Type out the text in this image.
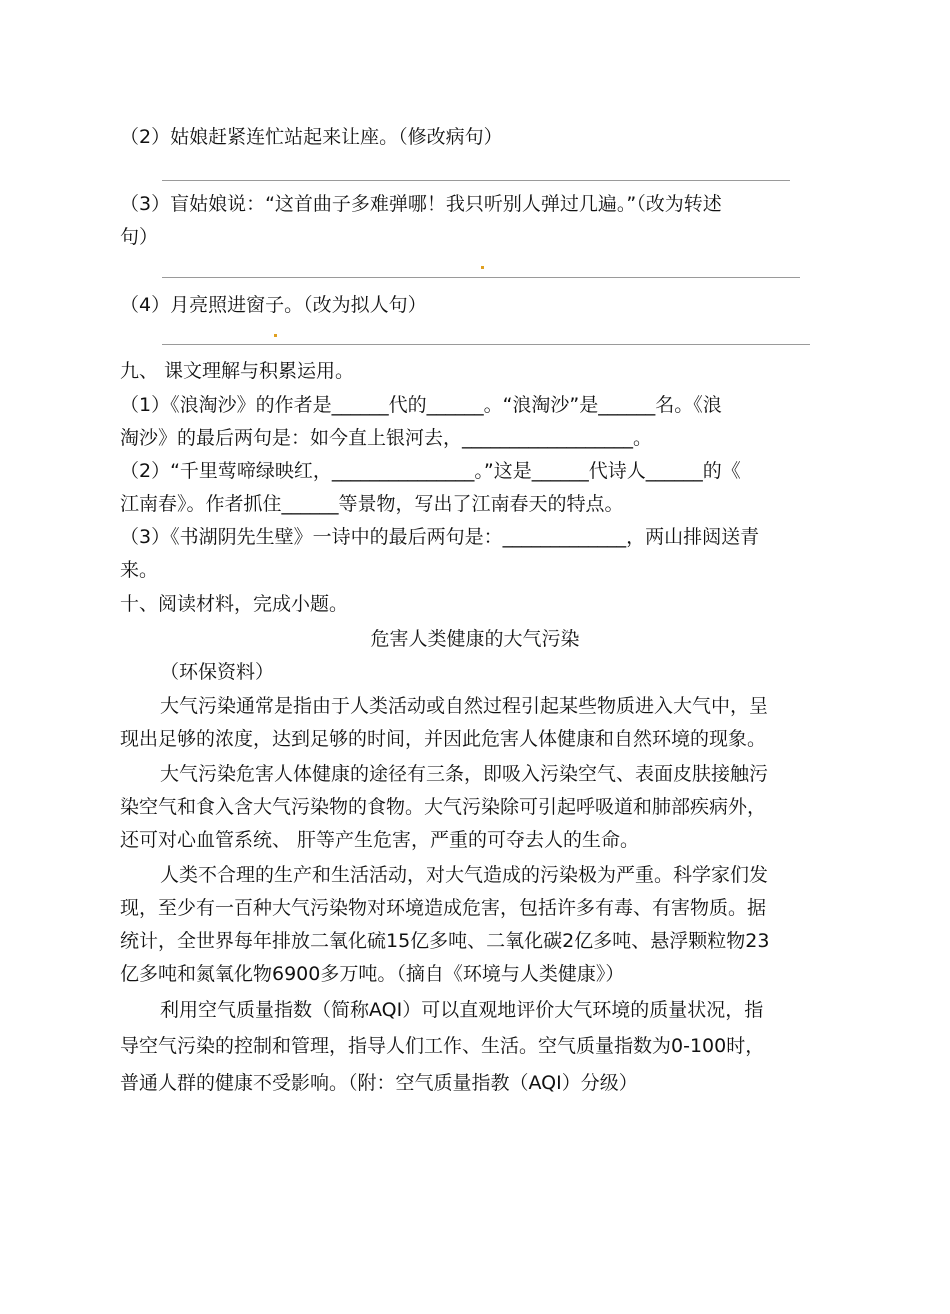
（2）姑娘赶紧连忙站起来让座。（修改病句）
（3）盲姑娘说：“这首曲子多难弹哪！我只听别人弹过几遍。”（改为转述
句）
（4）月亮照进窗子。（改为拟人句）
九、 课文理解与积累运用。
（1）《浪淘沙》的作者是______代的______。“浪淘沙”是______名。《浪
淘沙》的最后两句是：如今直上银河去，__________________。
（2）“千里莺啼绿映红，_______________。”这是______代诗人______的《
江南春》。作者抓住______等景物，写出了江南春天的特点。
（3）《书湖阴先生壁》一诗中的最后两句是：_____________，两山排闼送青
来。
十、阅读材料，完成小题。
危害人类健康的大气污染
（环保资料）
大气污染通常是指由于人类活动或自然过程引起某些物质进入大气中，呈
现出足够的浓度，达到足够的时间，并因此危害人体健康和自然环境的现象。
大气污染危害人体健康的途径有三条，即吸入污染空气、表面皮肤接触污
染空气和食入含大气污染物的食物。大气污染除可引起呼吸道和肺部疾病外，
还可对心血管系统、 肝等产生危害，严重的可夺去人的生命。
人类不合理的生产和生活活动，对大气造成的污染极为严重。科学家们发
现，至少有一百种大气污染物对环境造成危害，包括许多有毒、有害物质。据
统计，全世界每年排放二氧化硫15亿多吨、二氧化碳2亿多吨、悬浮颗粒物23
亿多吨和氮氧化物6900多万吨。（摘自《环境与人类健康》）
利用空气质量指数（简称AQI）可以直观地评价大气环境的质量状况，指
导空气污染的控制和管理，指导人们工作、生活。空气质量指数为0-100时，
普通人群的健康不受影响。（附：空气质量指教（AQI）分级）
